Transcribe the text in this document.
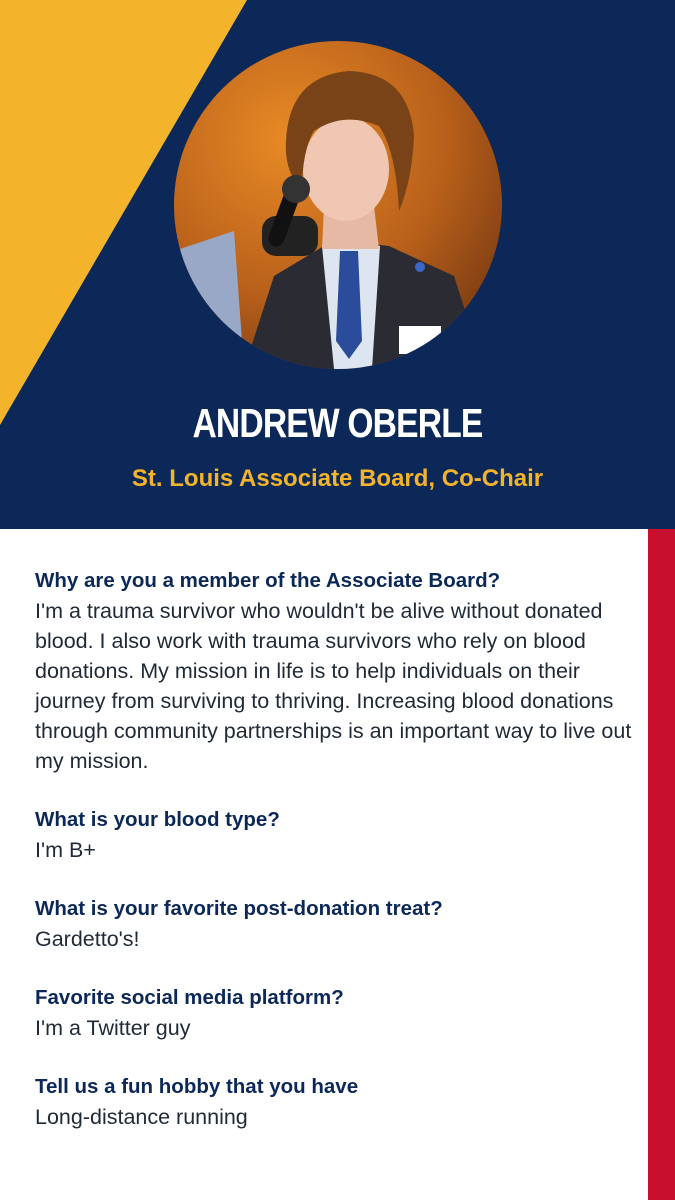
ANDREW OBERLE
St. Louis Associate Board, Co-Chair
Why are you a member of the Associate Board?
I'm a trauma survivor who wouldn't be alive without donated blood. I also work with trauma survivors who rely on blood donations. My mission in life is to help individuals on their journey from surviving to thriving. Increasing blood donations through community partnerships is an important way to live out my mission.
What is your blood type?
I'm B+
What is your favorite post-donation treat?
Gardetto's!
Favorite social media platform?
I'm a Twitter guy
Tell us a fun hobby that you have
Long-distance running
